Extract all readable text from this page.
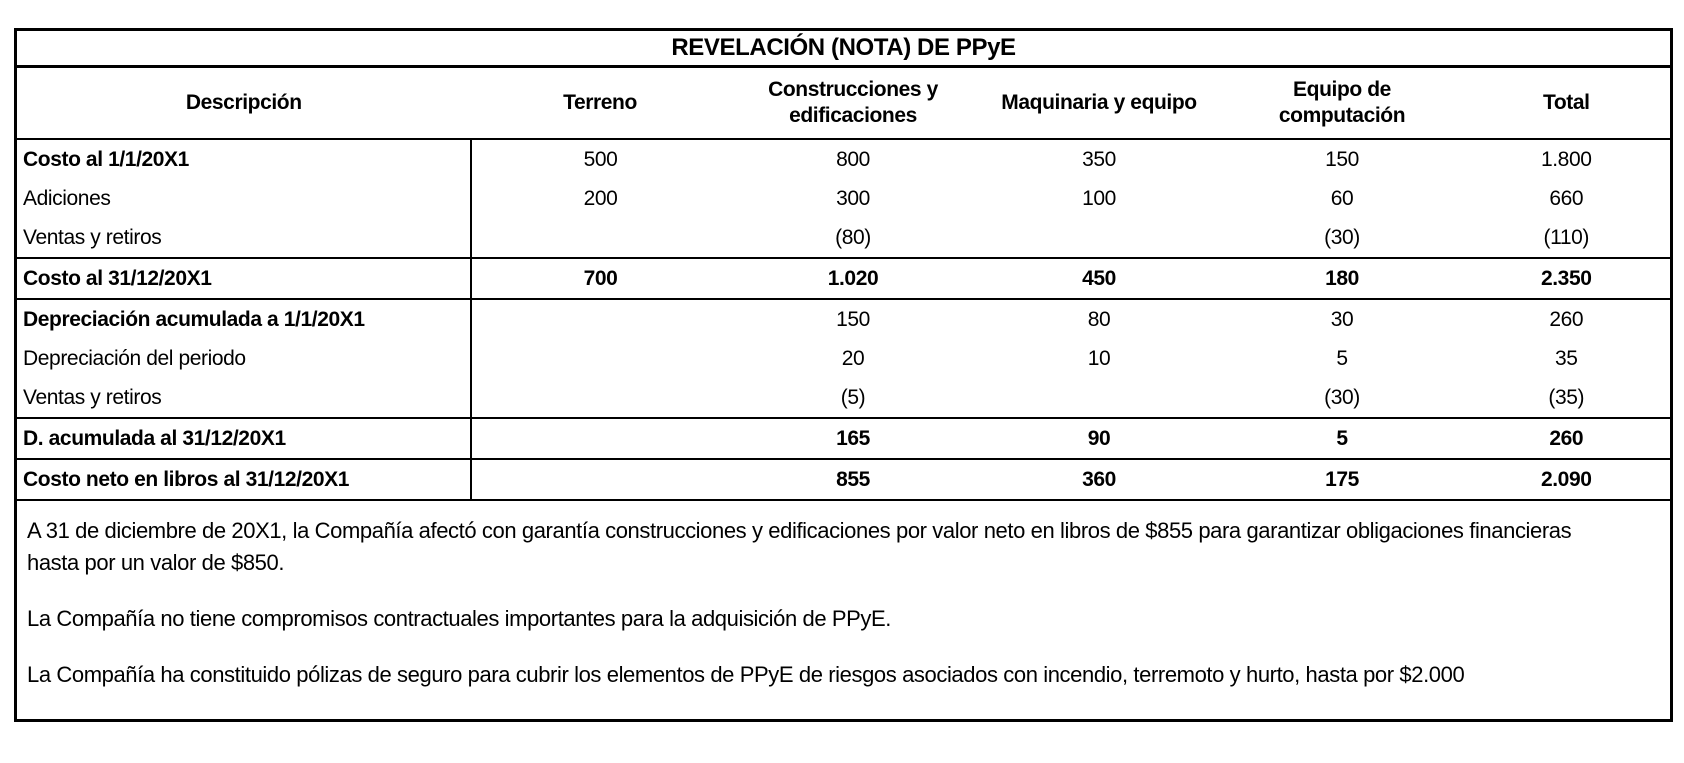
REVELACIÓN (NOTA) DE PPyE					
Descripción	Terreno	Construcciones y edificaciones	Maquinaria y equipo	Equipo de computación	Total
Costo al 1/1/20X1	500	800	350	150	1.800
Adiciones	200	300	100	60	660
Ventas y retiros		(80)		(30)	(110)
Costo al 31/12/20X1	700	1.020	450	180	2.350
Depreciación acumulada a 1/1/20X1		150	80	30	260
Depreciación del periodo		20	10	5	35
Ventas y retiros		(5)		(30)	(35)
D. acumulada al 31/12/20X1		165	90	5	260
Costo neto en libros al 31/12/20X1		855	360	175	2.090

A 31 de diciembre de 20X1, la Compañía afectó con garantía construcciones y edificaciones por valor neto en libros de $855 para garantizar obligaciones financieras hasta por un valor de $850.

La Compañía no tiene compromisos contractuales importantes para la adquisición de PPyE.

La Compañía ha constituido pólizas de seguro para cubrir los elementos de PPyE de riesgos asociados con incendio, terremoto y hurto, hasta por $2.000					
